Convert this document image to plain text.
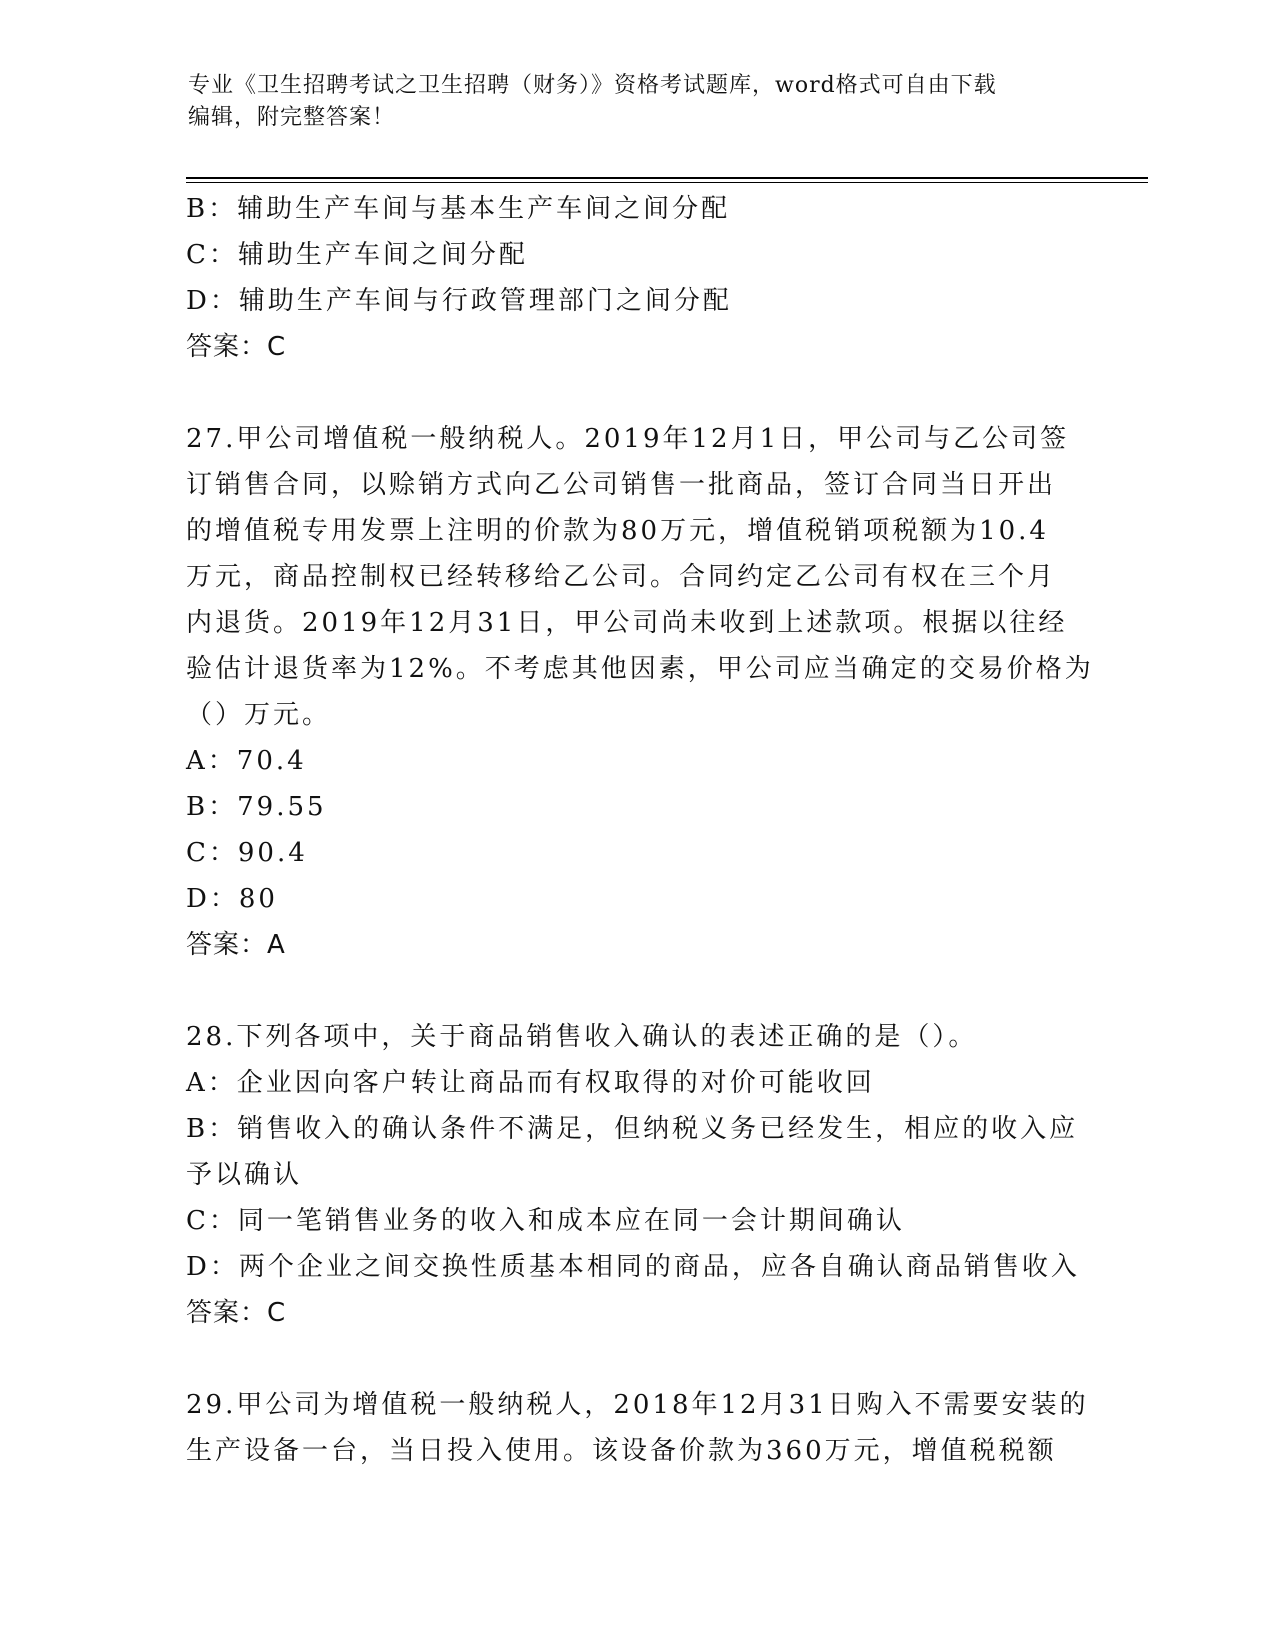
专业《卫生招聘考试之卫生招聘（财务）》资格考试题库，word格式可自由下载
编辑，附完整答案！
B：辅助生产车间与基本生产车间之间分配
C：辅助生产车间之间分配
D：辅助生产车间与行政管理部门之间分配
答案：C
27.甲公司增值税一般纳税人。2019年12月1日，甲公司与乙公司签
订销售合同，以赊销方式向乙公司销售一批商品，签订合同当日开出
的增值税专用发票上注明的价款为80万元，增值税销项税额为10.4
万元，商品控制权已经转移给乙公司。合同约定乙公司有权在三个月
内退货。2019年12月31日，甲公司尚未收到上述款项。根据以往经
验估计退货率为12%。不考虑其他因素，甲公司应当确定的交易价格为
（）万元。
A：70.4
B：79.55
C：90.4
D：80
答案：A
28.下列各项中，关于商品销售收入确认的表述正确的是（）。
A：企业因向客户转让商品而有权取得的对价可能收回
B：销售收入的确认条件不满足，但纳税义务已经发生，相应的收入应
予以确认
C：同一笔销售业务的收入和成本应在同一会计期间确认
D：两个企业之间交换性质基本相同的商品，应各自确认商品销售收入
答案：C
29.甲公司为增值税一般纳税人，2018年12月31日购入不需要安装的
生产设备一台，当日投入使用。该设备价款为360万元，增值税税额
